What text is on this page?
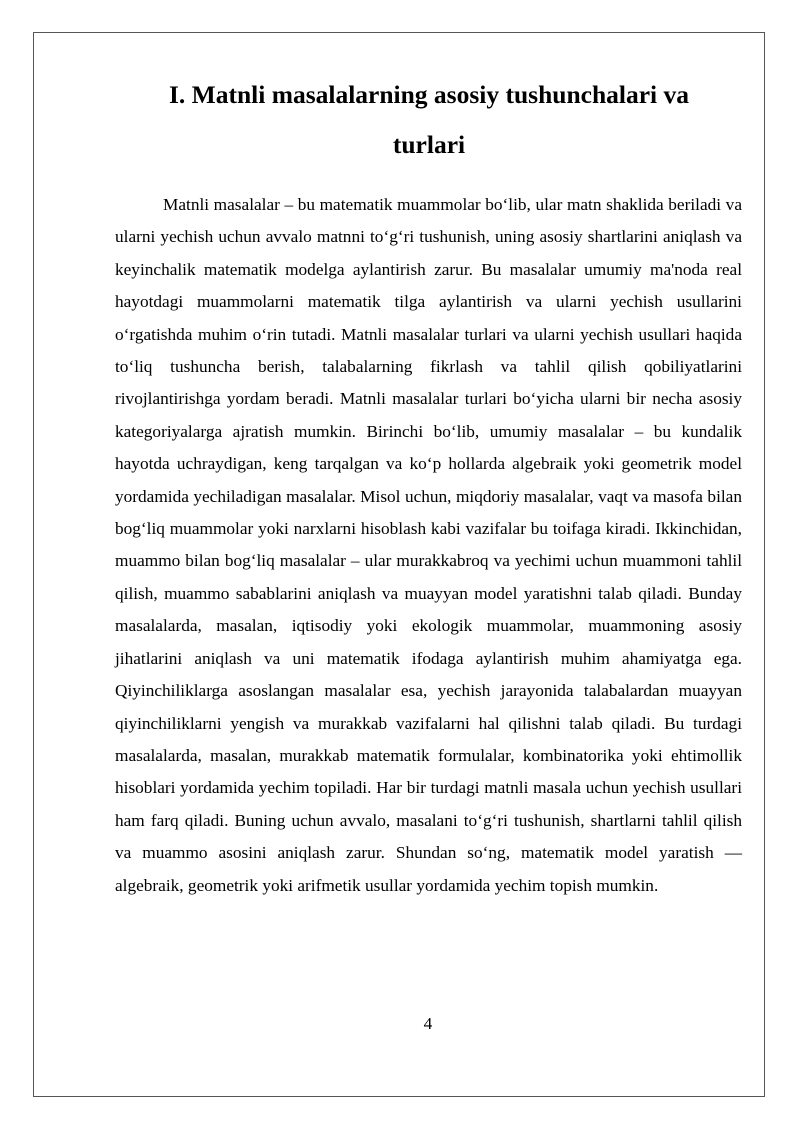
I. Matnli masalalarning asosiy tushunchalari va turlari

Matnli masalalar – bu matematik muammolar bo‘lib, ular matn shaklida beriladi va ularni yechish uchun avvalo matnni to‘g‘ri tushunish, uning asosiy shartlarini aniqlash va keyinchalik matematik modelga aylantirish zarur. Bu masalalar umumiy ma'noda real hayotdagi muammolarni matematik tilga aylantirish va ularni yechish usullarini o‘rgatishda muhim o‘rin tutadi. Matnli masalalar turlari va ularni yechish usullari haqida to‘liq tushuncha berish, talabalarning fikrlash va tahlil qilish qobiliyatlarini rivojlantirishga yordam beradi. Matnli masalalar turlari bo‘yicha ularni bir necha asosiy kategoriyalarga ajratish mumkin. Birinchi bo‘lib, umumiy masalalar – bu kundalik hayotda uchraydigan, keng tarqalgan va ko‘p hollarda algebraik yoki geometrik model yordamida yechiladigan masalalar. Misol uchun, miqdoriy masalalar, vaqt va masofa bilan bog‘liq muammolar yoki narxlarni hisoblash kabi vazifalar bu toifaga kiradi. Ikkinchidan, muammo bilan bog‘liq masalalar – ular murakkabroq va yechimi uchun muammoni tahlil qilish, muammo sabablarini aniqlash va muayyan model yaratishni talab qiladi. Bunday masalalarda, masalan, iqtisodiy yoki ekologik muammolar, muammoning asosiy jihatlarini aniqlash va uni matematik ifodaga aylantirish muhim ahamiyatga ega. Qiyinchiliklarga asoslangan masalalar esa, yechish jarayonida talabalardan muayyan qiyinchiliklarni yengish va murakkab vazifalarni hal qilishni talab qiladi. Bu turdagi masalalarda, masalan, murakkab matematik formulalar, kombinatorika yoki ehtimollik hisoblari yordamida yechim topiladi. Har bir turdagi matnli masala uchun yechish usullari ham farq qiladi. Buning uchun avvalo, masalani to‘g‘ri tushunish, shartlarni tahlil qilish va muammo asosini aniqlash zarur. Shundan so‘ng, matematik model yaratish — algebraik, geometrik yoki arifmetik usullar yordamida yechim topish mumkin.

4
